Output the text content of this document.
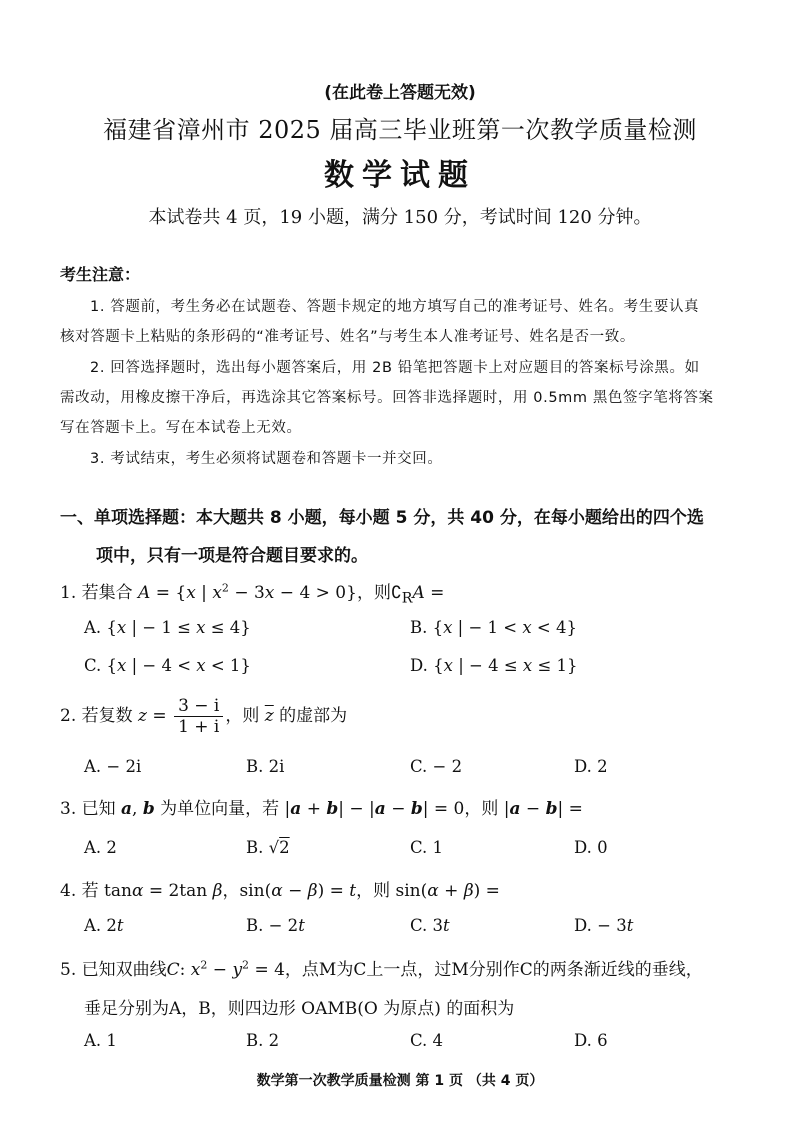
(在此卷上答题无效)
福建省漳州市 2025 届高三毕业班第一次教学质量检测
数学试题
本试卷共 4 页，19 小题，满分 150 分，考试时间 120 分钟。
考生注意：
1. 答题前，考生务必在试题卷、答题卡规定的地方填写自己的准考证号、姓名。考生要认真
核对答题卡上粘贴的条形码的“准考证号、姓名”与考生本人准考证号、姓名是否一致。
2. 回答选择题时，选出每小题答案后，用 2B 铅笔把答题卡上对应题目的答案标号涂黑。如
需改动，用橡皮擦干净后，再选涂其它答案标号。回答非选择题时，用 0.5mm 黑色签字笔将答案
写在答题卡上。写在本试卷上无效。
3. 考试结束，考生必须将试题卷和答题卡一并交回。
一、单项选择题：本大题共 8 小题，每小题 5 分，共 40 分，在每小题给出的四个选
项中，只有一项是符合题目要求的。
1. 若集合 A = {x | $x^2 - 3x - 4 > 0$}，则$∁_RA$ =
A. {x | − 1 ≤ x ≤ 4}	B. {x | − 1 < x < 4}
C. {x | − 4 < x < 1}	D. {x | − 4 ≤ x ≤ 1}
2. 若复数 $z = \frac{3 - i}{1 + i}$ ，则 $\overline{z}$ 的虚部为
A. − 2i	B. 2i	C. − 2	D. 2
3. 已知 a, b 为单位向量，若 |a + b| − |a − b| = 0，则 |a − b| =
A. 2	B. √2	C. 1	D. 0
4. 若 tanα = 2tan β，sin(α − β) = t，则 sin(α + β) =
A. 2t	B. − 2t	C. 3t	D. − 3t
5. 已知双曲线C: $x^2 - y^2 = 4$，点M为C上一点，过M分别作C的两条渐近线的垂线，
垂足分别为A，B，则四边形 OAMB(O 为原点) 的面积为
A. 1	B. 2	C. 4	D. 6
数学第一次教学质量检测 第 1 页 （共 4 页）
